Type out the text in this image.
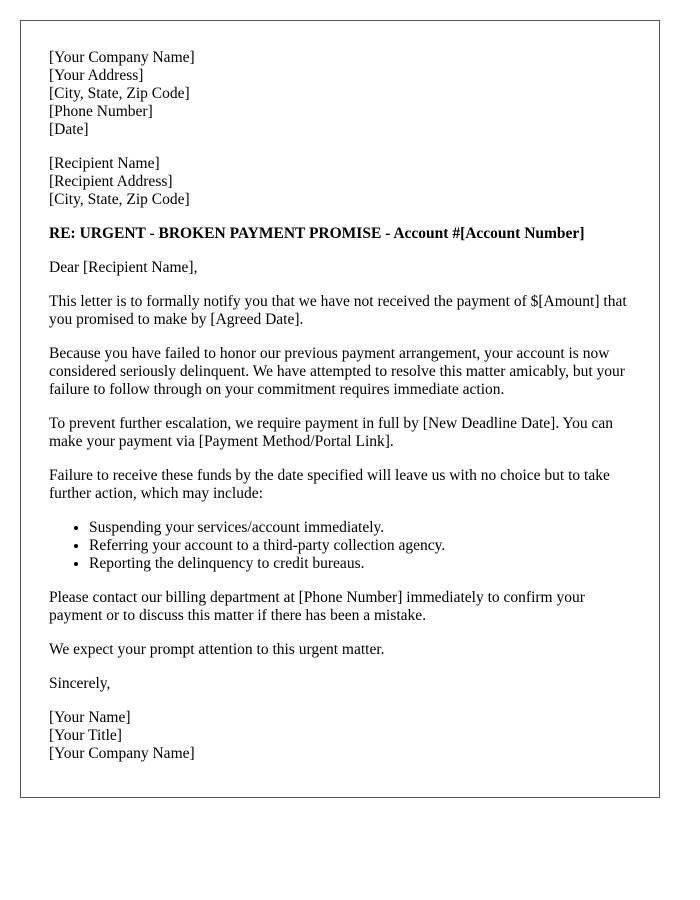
[Your Company Name]
[Your Address]
[City, State, Zip Code]
[Phone Number]
[Date]
[Recipient Name]
[Recipient Address]
[City, State, Zip Code]

RE: URGENT - BROKEN PAYMENT PROMISE - Account #[Account Number]

Dear [Recipient Name],

This letter is to formally notify you that we have not received the payment of $[Amount] that you promised to make by [Agreed Date].

Because you have failed to honor our previous payment arrangement, your account is now considered seriously delinquent. We have attempted to resolve this matter amicably, but your failure to follow through on your commitment requires immediate action.

To prevent further escalation, we require payment in full by [New Deadline Date]. You can make your payment via [Payment Method/Portal Link].

Failure to receive these funds by the date specified will leave us with no choice but to take further action, which may include:

• Suspending your services/account immediately.
• Referring your account to a third-party collection agency.
• Reporting the delinquency to credit bureaus.

Please contact our billing department at [Phone Number] immediately to confirm your payment or to discuss this matter if there has been a mistake.

We expect your prompt attention to this urgent matter.

Sincerely,

[Your Name]
[Your Title]
[Your Company Name]
